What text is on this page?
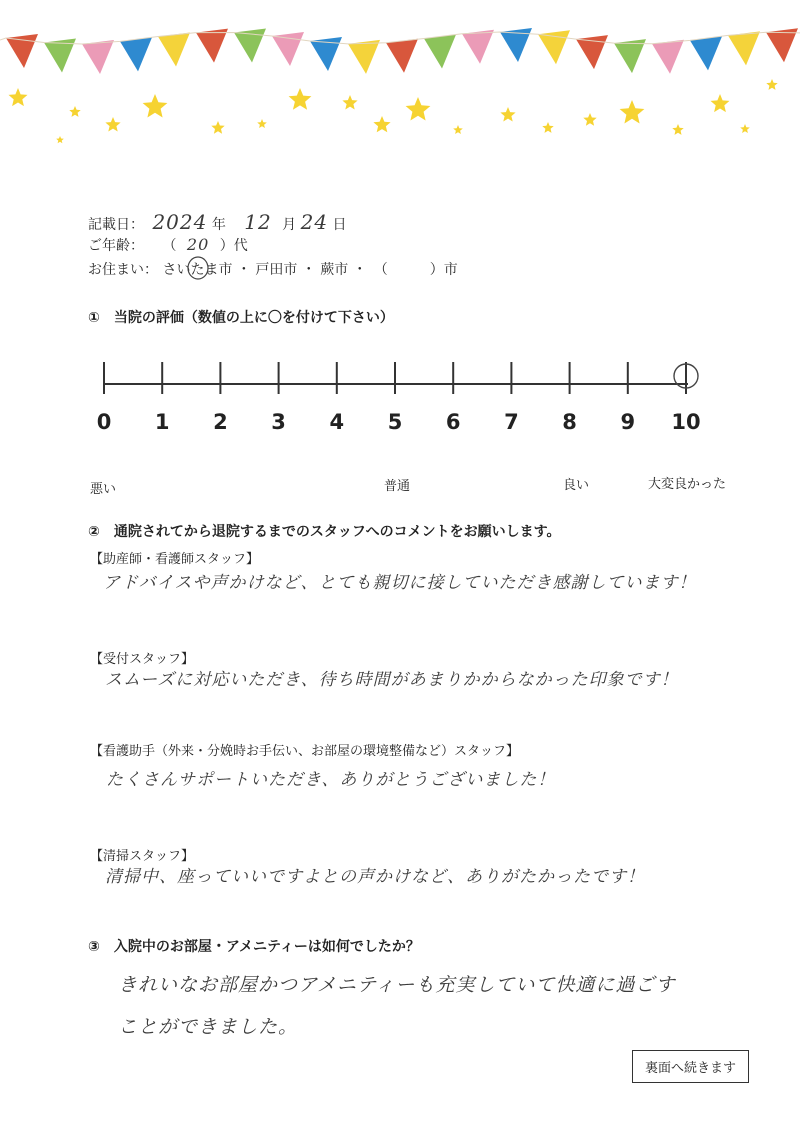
記載日： 2024 年 12 月 24 日
ご年齢： （ 20 ）代
お住まい： さいたま市 ・ 戸田市 ・ 蕨市 ・　（　　　）市
①　当院の評価（数値の上に〇を付けて下さい）
0 1 2 3 4 5 6 7 8 9 10
悪い	普通	良い	大変良かった
②　通院されてから退院するまでのスタッフへのコメントをお願いします。
【助産師・看護師スタッフ】
アドバイスや声かけなど、とても親切に接していただき感謝しています！
【受付スタッフ】
スムーズに対応いただき、待ち時間があまりかからなかった印象です！
【看護助手（外来・分娩時お手伝い、お部屋の環境整備など）スタッフ】
たくさんサポートいただき、ありがとうございました！
【清掃スタッフ】
清掃中、座っていいですよとの声かけなど、ありがたかったです！
③　入院中のお部屋・アメニティーは如何でしたか？
きれいなお部屋かつアメニティーも充実していて快適に過ごす
ことができました。
裏面へ続きます
